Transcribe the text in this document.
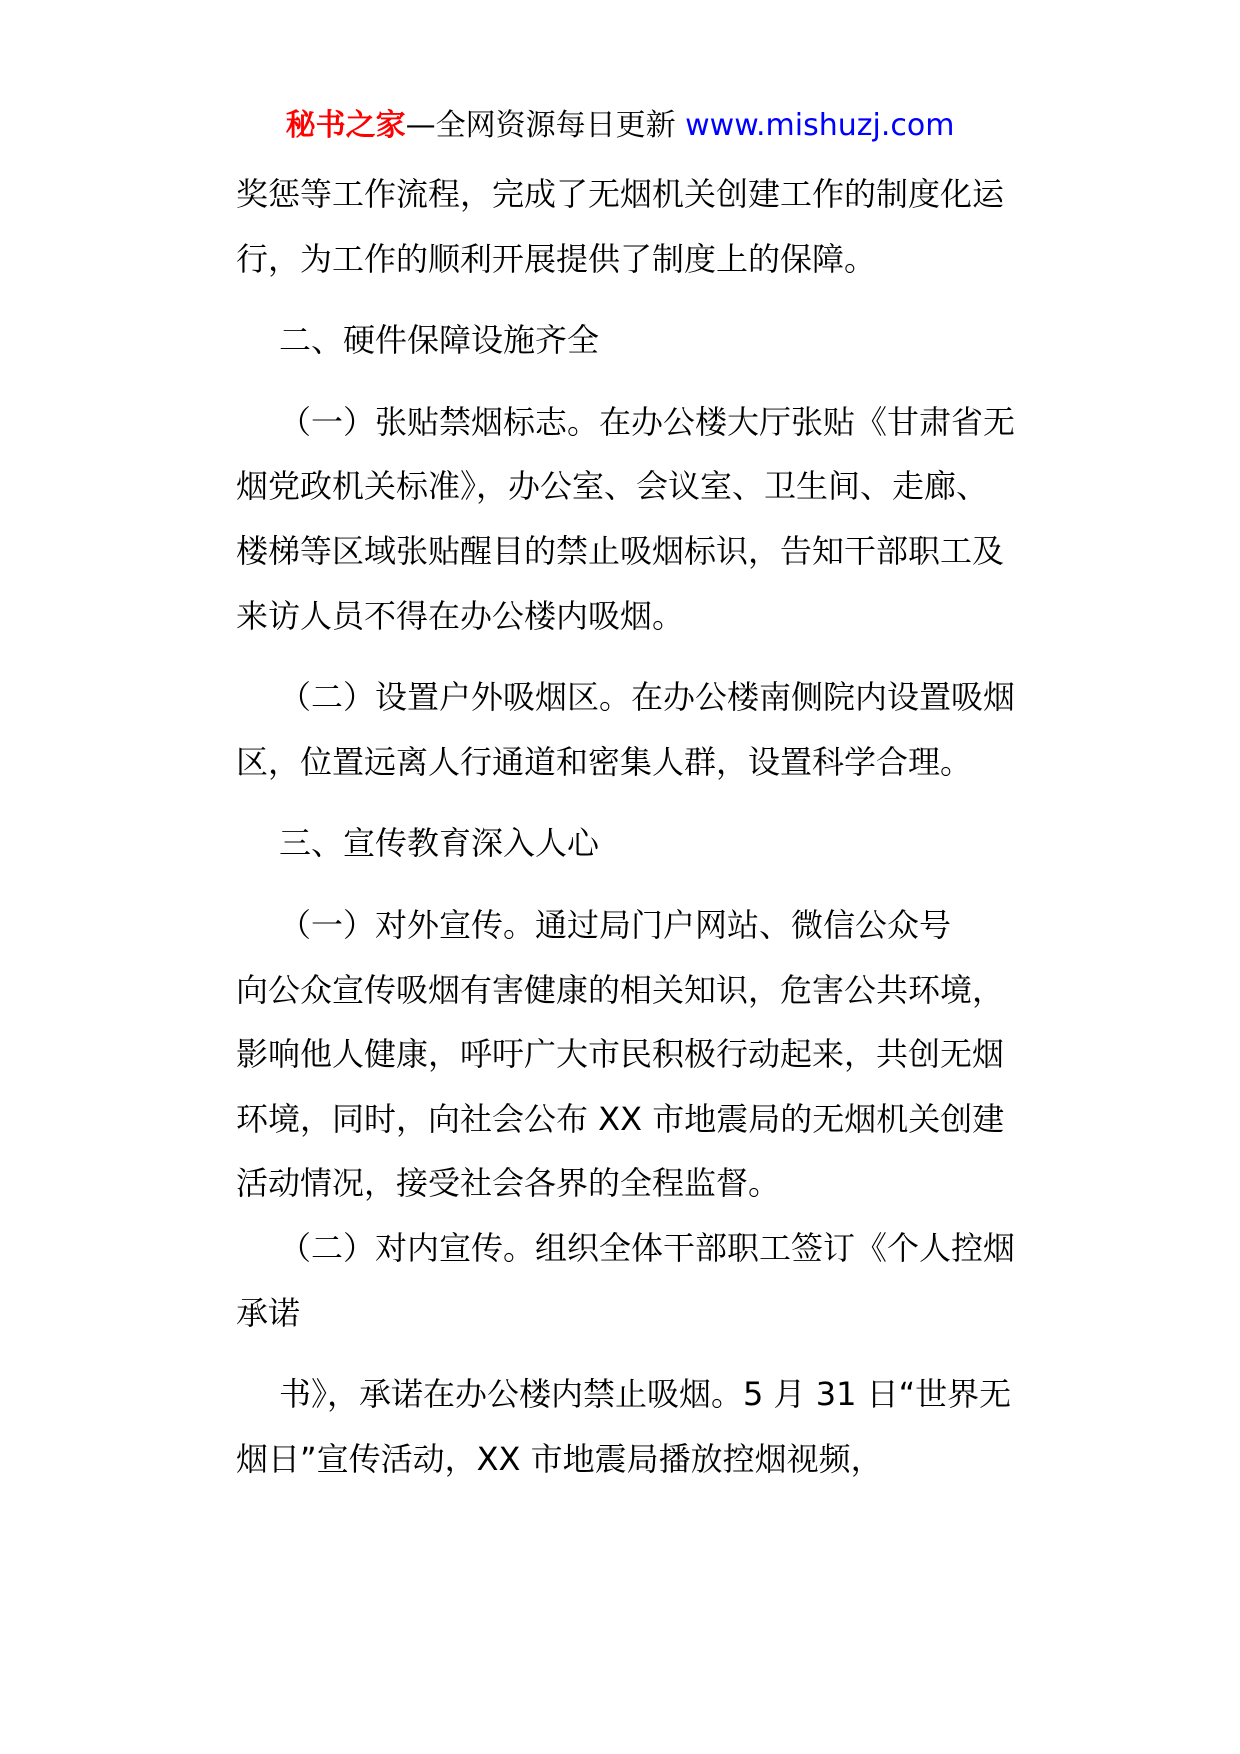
秘书之家—全网资源每日更新 www.mishuzj.com

奖惩等工作流程，完成了无烟机关创建工作的制度化运行，为工作的顺利开展提供了制度上的保障。

二、硬件保障设施齐全

（一）张贴禁烟标志。在办公楼大厅张贴《甘肃省无烟党政机关标准》，办公室、会议室、卫生间、走廊、楼梯等区域张贴醒目的禁止吸烟标识，告知干部职工及来访人员不得在办公楼内吸烟。

（二）设置户外吸烟区。在办公楼南侧院内设置吸烟区，位置远离人行通道和密集人群，设置科学合理。

三、宣传教育深入人心

（一）对外宣传。通过局门户网站、微信公众号
向公众宣传吸烟有害健康的相关知识，危害公共环境，
影响他人健康，呼吁广大市民积极行动起来，共创无烟环境，同时，向社会公布 XX 市地震局的无烟机关创建活动情况，接受社会各界的全程监督。

（二）对内宣传。组织全体干部职工签订《个人控烟承诺

书》，承诺在办公楼内禁止吸烟。5 月 31 日“世界无烟日”宣传活动，XX 市地震局播放控烟视频，
